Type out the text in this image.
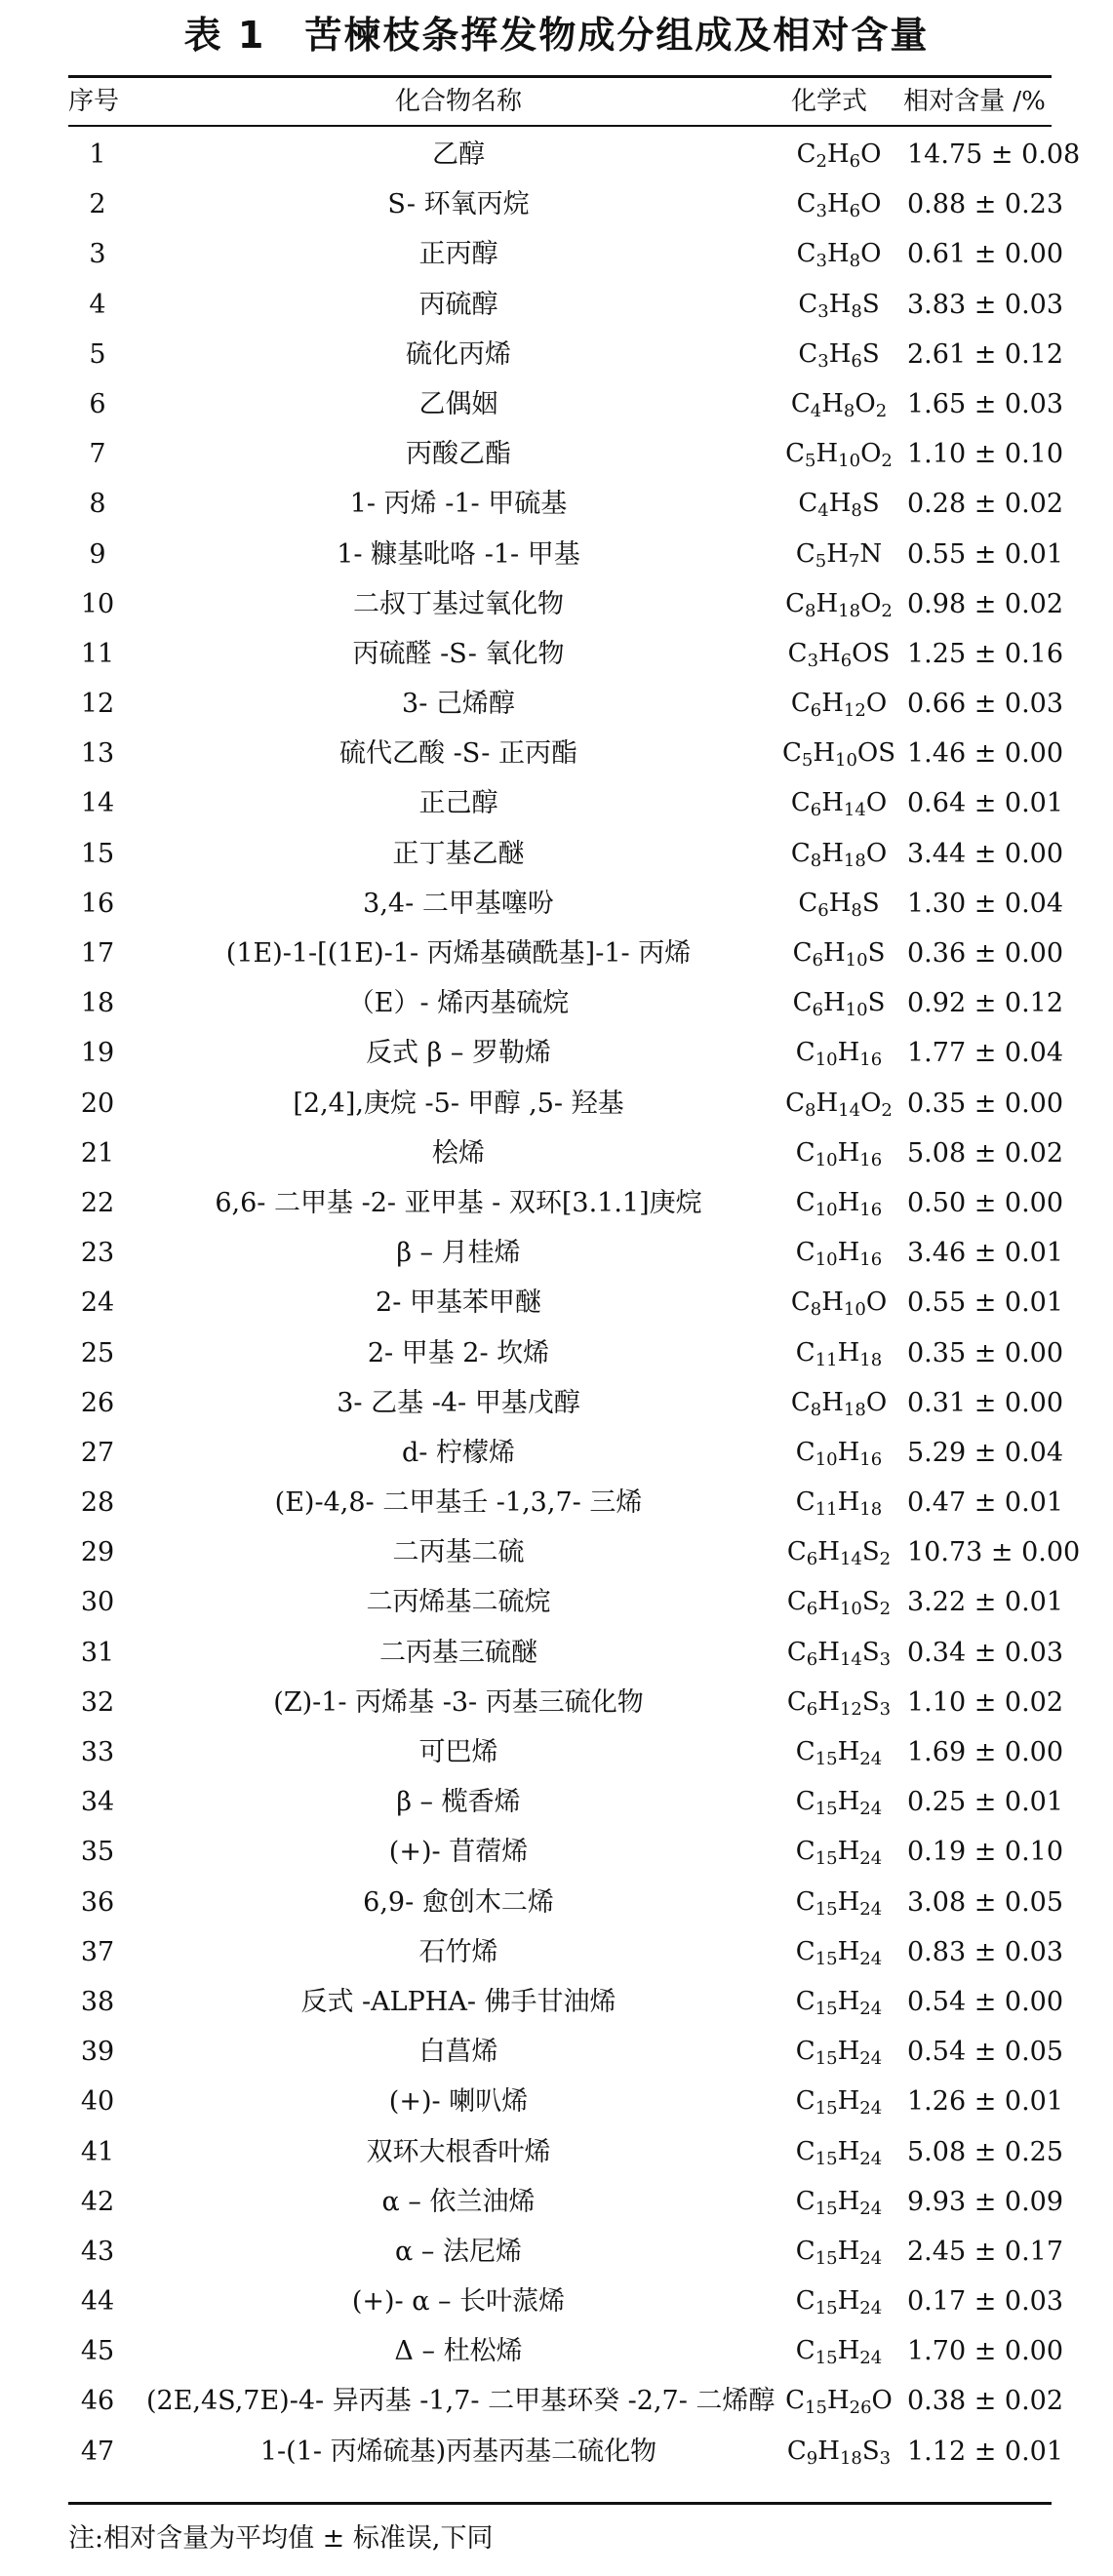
表 1　苦楝枝条挥发物成分组成及相对含量
序号	化合物名称	化学式	相对含量 /%
1	乙醇	$C_2H_6O$ 14.75 ± 0.08
2	S- 环氧丙烷	$C_3H_6O$ 0.88 ± 0.23
3	正丙醇	$C_3H_8O$ 0.61 ± 0.00
4	丙硫醇	$C_3H_8S$	3.83 ± 0.03
5	硫化丙烯	$C_3H_6S$	2.61 ± 0.12
6	乙偶姻	$C_4H_8O_2$ 1.65 ± 0.03
7	丙酸乙酯	$C_5H_{10}O_2$ 1.10 ± 0.10
8	1- 丙烯 -1- 甲硫基	$C_4H_8S$	0.28 ± 0.02
9	1- 糠基吡咯 -1- 甲基	$C_5H_7N$ 0.55 ± 0.01
10	二叔丁基过氧化物	$C_8H_{18}O_2$ 0.98 ± 0.02
11	丙硫醛 -S- 氧化物	$C_3H_6OS$ 1.25 ± 0.16
12	3- 己烯醇	$C_6H_{12}O$ 0.66 ± 0.03
13	硫代乙酸 -S- 正丙酯	$C_5H_{10}OS$ 1.46 ± 0.00
14	正己醇	$C_6H_{14}O$ 0.64 ± 0.01
15	正丁基乙醚	$C_8H_{18}O$ 3.44 ± 0.00
16	3,4- 二甲基噻吩	$C_6H_8S$	1.30 ± 0.04
17	(1E)-1-[(1E)-1- 丙烯基磺酰基]-1- 丙烯	$C_6H_{10}S$ 0.36 ± 0.00
18	（E）- 烯丙基硫烷	$C_6H_{10}S$ 0.92 ± 0.12
19	反式 β – 罗勒烯	$C_{10}H_{16}$ 1.77 ± 0.04
20	[2,4],庚烷 -5- 甲醇 ,5- 羟基	$C_8H_{14}O_2$ 0.35 ± 0.00
21	桧烯	$C_{10}H_{16}$ 5.08 ± 0.02
22	6,6- 二甲基 -2- 亚甲基 - 双环[3.1.1]庚烷	$C_{10}H_{16}$ 0.50 ± 0.00
23	β – 月桂烯	$C_{10}H_{16}$ 3.46 ± 0.01
24	2- 甲基苯甲醚	$C_8H_{10}O$ 0.55 ± 0.01
25	2- 甲基 2- 坎烯	$C_{11}H_{18}$ 0.35 ± 0.00
26	3- 乙基 -4- 甲基戊醇	$C_8H_{18}O$ 0.31 ± 0.00
27	d- 柠檬烯	$C_{10}H_{16}$ 5.29 ± 0.04
28	(E)-4,8- 二甲基壬 -1,3,7- 三烯	$C_{11}H_{18}$ 0.47 ± 0.01
29	二丙基二硫	$C_6H_{14}S_2$ 10.73 ± 0.00
30	二丙烯基二硫烷	$C_6H_{10}S_2$ 3.22 ± 0.01
31	二丙基三硫醚	$C_6H_{14}S_3$ 0.34 ± 0.03
32	(Z)-1- 丙烯基 -3- 丙基三硫化物	$C_6H_{12}S_3$ 1.10 ± 0.02
33	可巴烯	$C_{15}H_{24}$ 1.69 ± 0.00
34	β – 榄香烯	$C_{15}H_{24}$ 0.25 ± 0.01
35	(+)- 苜蓿烯	$C_{15}H_{24}$ 0.19 ± 0.10
36	6,9- 愈创木二烯	$C_{15}H_{24}$ 3.08 ± 0.05
37	石竹烯	$C_{15}H_{24}$ 0.83 ± 0.03
38	反式 -ALPHA- 佛手甘油烯	$C_{15}H_{24}$ 0.54 ± 0.00
39	白菖烯	$C_{15}H_{24}$ 0.54 ± 0.05
40	(+)- 喇叭烯	$C_{15}H_{24}$ 1.26 ± 0.01
41	双环大根香叶烯	$C_{15}H_{24}$ 5.08 ± 0.25
42	α – 依兰油烯	$C_{15}H_{24}$ 9.93 ± 0.09
43	α – 法尼烯	$C_{15}H_{24}$ 2.45 ± 0.17
44	(+)- α – 长叶蒎烯	$C_{15}H_{24}$ 0.17 ± 0.03
45	Δ – 杜松烯	$C_{15}H_{24}$ 1.70 ± 0.00
46	(2E,4S,7E)-4- 异丙基 -1,7- 二甲基环癸 -2,7- 二烯醇 $C_{15}H_{26}O$ 0.38 ± 0.02
47	1-(1- 丙烯硫基)丙基丙基二硫化物	$C_9H_{18}S_3$ 1.12 ± 0.01
注:相对含量为平均值 ± 标准误,下同
